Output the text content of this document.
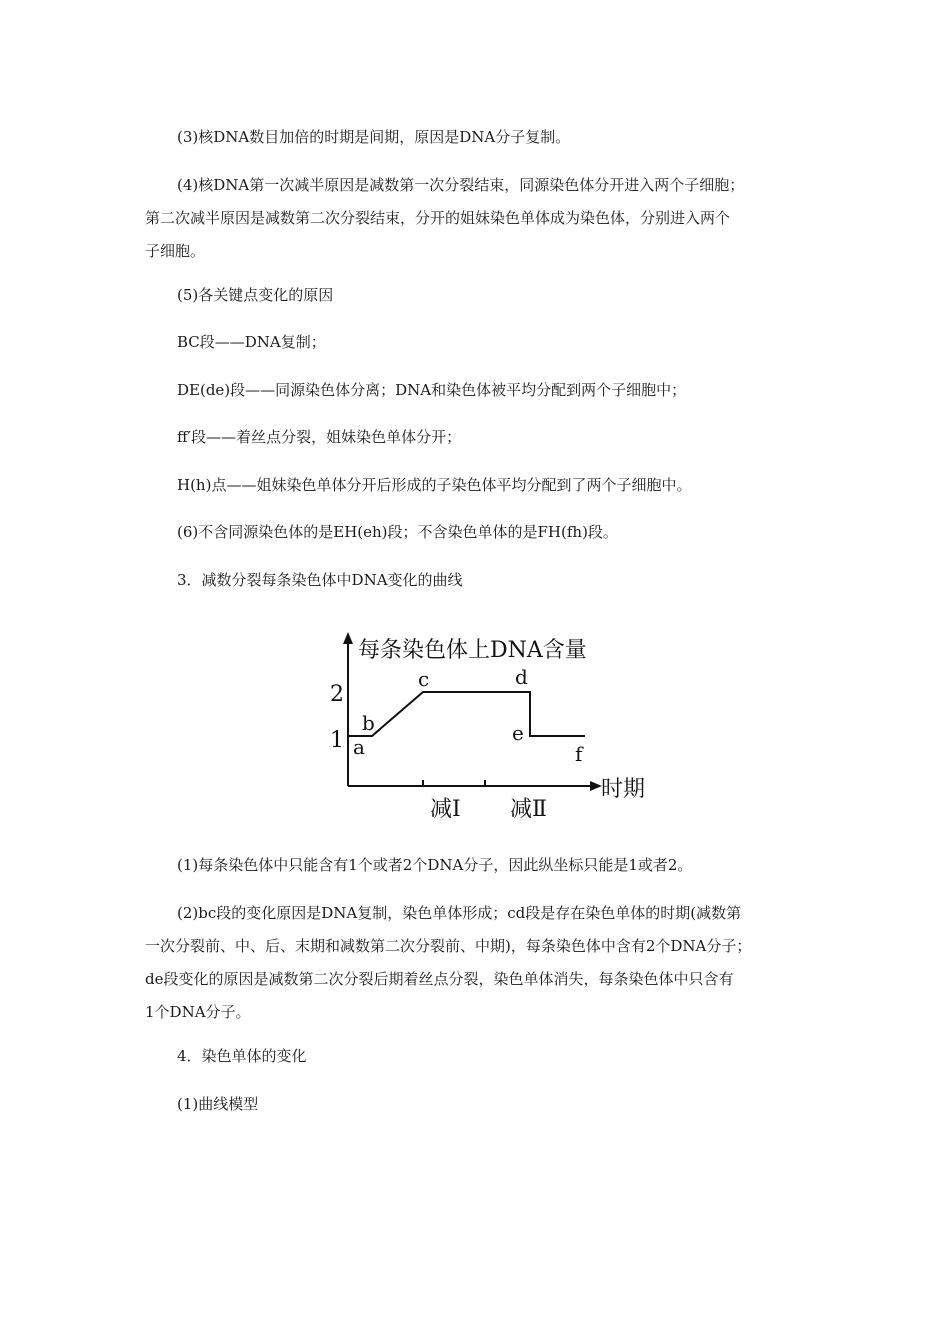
(3)核DNA数目加倍的时期是间期，原因是DNA分子复制。

(4)核DNA第一次减半原因是减数第一次分裂结束，同源染色体分开进入两个子细胞；
第二次减半原因是减数第二次分裂结束，分开的姐妹染色单体成为染色体，分别进入两个
子细胞。

(5)各关键点变化的原因

BC段——DNA复制；

DE(de)段——同源染色体分离；DNA和染色体被平均分配到两个子细胞中；

ff′段——着丝点分裂，姐妹染色单体分开；

H(h)点——姐妹染色单体分开后形成的子染色体平均分配到了两个子细胞中。

(6)不含同源染色体的是EH(eh)段；不含染色单体的是FH(fh)段。

3．减数分裂每条染色体中DNA变化的曲线

每条染色体上DNA含量
时期
2
1
减Ⅰ 减Ⅱ
a
b
c	d
e
f

(1)每条染色体中只能含有1个或者2个DNA分子，因此纵坐标只能是1或者2。

(2)bc段的变化原因是DNA复制，染色单体形成；cd段是存在染色单体的时期(减数第
一次分裂前、中、后、末期和减数第二次分裂前、中期)，每条染色体中含有2个DNA分子；
de段变化的原因是减数第二次分裂后期着丝点分裂，染色单体消失，每条染色体中只含有
1个DNA分子。

4．染色单体的变化

(1)曲线模型
